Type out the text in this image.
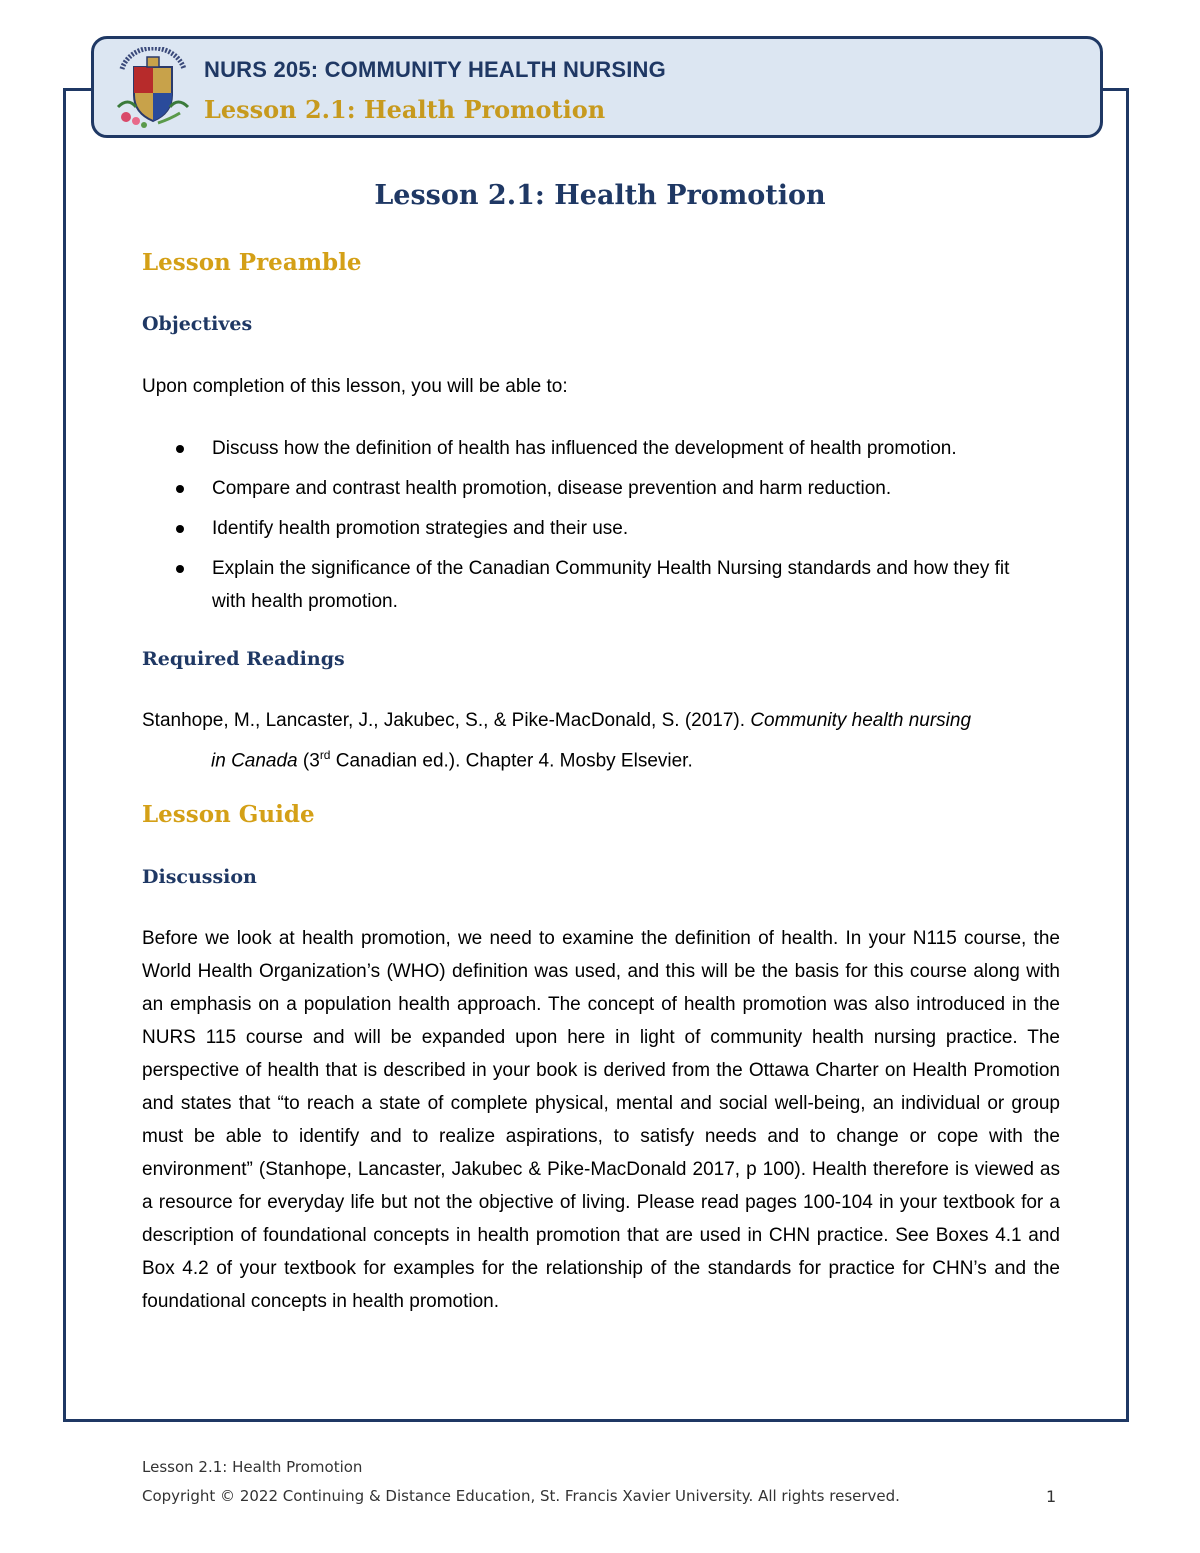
NURS 205: COMMUNITY HEALTH NURSING
Lesson 2.1: Health Promotion
Lesson 2.1: Health Promotion
Lesson Preamble
Objectives
Upon completion of this lesson, you will be able to:
Discuss how the definition of health has influenced the development of health promotion.
Compare and contrast health promotion, disease prevention and harm reduction.
Identify health promotion strategies and their use.
Explain the significance of the Canadian Community Health Nursing standards and how they fit with health promotion.
Required Readings
Stanhope, M., Lancaster, J., Jakubec, S., & Pike-MacDonald, S. (2017). Community health nursing
in Canada (3rd Canadian ed.). Chapter 4. Mosby Elsevier.
Lesson Guide
Discussion
Before we look at health promotion, we need to examine the definition of health. In your N115 course, the World Health Organization’s (WHO) definition was used, and this will be the basis for this course along with an emphasis on a population health approach. The concept of health promotion was also introduced in the NURS 115 course and will be expanded upon here in light of community health nursing practice. The perspective of health that is described in your book is derived from the Ottawa Charter on Health Promotion and states that “to reach a state of complete physical, mental and social well-being, an individual or group must be able to identify and to realize aspirations, to satisfy needs and to change or cope with the environment” (Stanhope, Lancaster, Jakubec & Pike-MacDonald 2017, p 100). Health therefore is viewed as a resource for everyday life but not the objective of living. Please read pages 100-104 in your textbook for a description of foundational concepts in health promotion that are used in CHN practice. See Boxes 4.1 and Box 4.2 of your textbook for examples for the relationship of the standards for practice for CHN’s and the foundational concepts in health promotion.
Lesson 2.1: Health Promotion
Copyright © 2022 Continuing & Distance Education, St. Francis Xavier University. All rights reserved.	1
